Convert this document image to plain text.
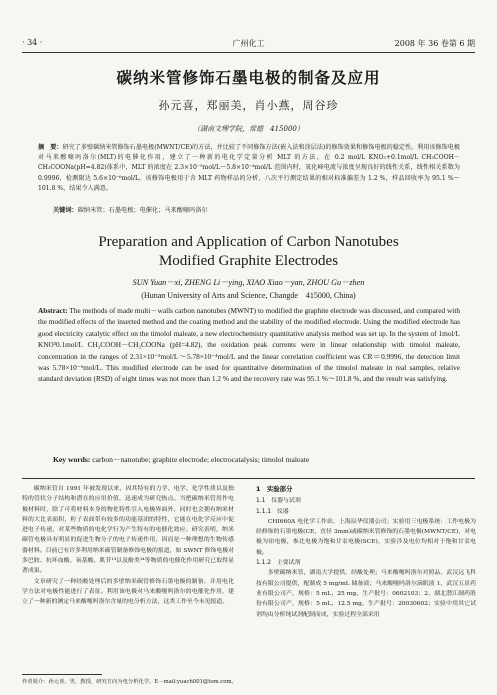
· 34 ·	广州化工	2008 年 36 卷第 6 期
碳纳米管修饰石墨电极的制备及应用
孙元喜，郑丽美，肖小燕，周谷珍
（湖南文理学院，常德　415000）
摘　要：研究了多壁碳纳米管修饰石墨电极(MWNT/CE)的方法，并比较了不同修饰方法(嵌入法和涂层法)的修饰效果和修饰电极的稳定性。利用该修饰电极对马来酸噻吗洛尔(MLT)的电催化作用，建立了一种新的电化学定量分析 MLT 的方法。在 0.2 mol/L KNO₃+0.1mol/L CH₃COOH－CH₃COONa(pH=4.82)体系中，MLT 的浓度在 2.3×10⁻⁵mol/L～5.8×10⁻⁴mol/L 范围内时，氧化峰电流与浓度呈现良好的线性关系，线性相关系数为 0.9996，检测限达 5.6×10⁻⁶mol/L。该修饰电极用于含 MLT 药物样品的分析，八次平行测定结果的相对标准偏差为 1.2 %，样品回收率为 95.1 %～101.8 %，结果令人满意。
关键词：碳纳米管；石墨电极；电催化；马来酸噻吗洛尔
Preparation and Application of Carbon Nanotubes
Modified Graphite Electrodes
SUN Yuan－xi, ZHENG Li－ying, XIAO Xiao－yan, ZHOU Gu－zhen
(Hunan University of Arts and Science, Changde　415000, China)
Abstract: The methods of made multi－walls carbon nanotubes (MWNT) to modified the graphite electrode was discussed, and compared with the modified effects of the inserted method and the coating method and the stability of the modified electrode. Using the modified electrode has good electricity catalytic effect on the timolol maleate, a new electrochemistry quantitative analysis method was set up. In the system of 1mol/L KNO³0.1mol/L CH₃COOH－CH₃COONa (pH=4.82), the oxidation peak currents were in linear relationship with timolol maleate, concentration in the ranges of 2.31×10⁻⁵mol/L～5.78×10⁻⁴mol/L and the linear correlation coefficient was CR＝0.9996, the detection limit was 5.78×10⁻⁶mol/L. This modified electrode can be used for quantitative determination of the timolol maleate in real samples, relative standard deviation (RSD) of eight times was not more than 1.2 % and the recovery rate was 95.1 %～101.8 %, and the result was satisfying.
Key words: carbon－nanotube; graphite electrode; electrocatalysis; timolol maleate

碳纳米管自 1991 年被发现以来，因其特有的力学、电学、化学性质以及独特的管状分子结构和潜在的应用价值，迅速成为研究热点。当把碳纳米管用作电极材料时，除了可将材料本身的物化特性引入电极界面外，同时也会拥有纳米材料的大比表面积，粒子表面带有较多的功能基团的特性，它能在电化学反应中促进电子传递，对某些物质的电化学行为产生特有的电催化效应。研究表明，纳米碳管电极具有明显的促进生物分子的电子传递作用，因而是一种理想的生物传感器材料。目前已有许多利用纳米碳管制备修饰电极的报道，如 SWNT 修饰电极对多巴胺、抗坏血酸、氧基酸、肌苷¹³以及酚类¹⁴等物质的电催化作用研究已取得显著成果。

文章研究了一种经酸处理后的多壁纳米碳管修饰石墨电极的制备，并用电化学方法对电极性能进行了表征。利用该电极对马来酸噻吗洛尔的电催化作用，建立了一种新的测定马来酸噻吗洛尔含量的电分析方法，这类工作至今未见报道。

1　实验部分

1.1　仪器与试剂

1.1.1　仪器

CHI660A 电化学工作站，上海辰华仪器公司；实验用三电极系统：工作电极为经修饰的石墨电极(CE，直径 3mm)或碳纳米管修饰的石墨电极(MWNT/CE)，对电极为铂电极，参比电极为饱和甘汞电极(SCE)，实验涉及电位均相对于饱和甘汞电极。

1.1.2　主要试剂

多壁碳纳米管，湖南大学提供，经酸处理；马来酸噻吗洛尔对照品，武汉远飞科技有限公司提供，配制成 5 mg/mL 储备液；马来酸噻吗洛尔滴眼液 1，武汉五景药业有限公司产，规格：5 mL，25 mg，生产批号：0602103；2，湖北潜江制药股份有限公司产，规格：5 mL，12.5 mg，生产批号：20030602；实验中用其它试剂均由分析纯试剂配制而成，实验过程全部采用

作者简介：孙元喜，男，教授，研究方向为电分析化学。E－mail:yuach001@tom.com。
